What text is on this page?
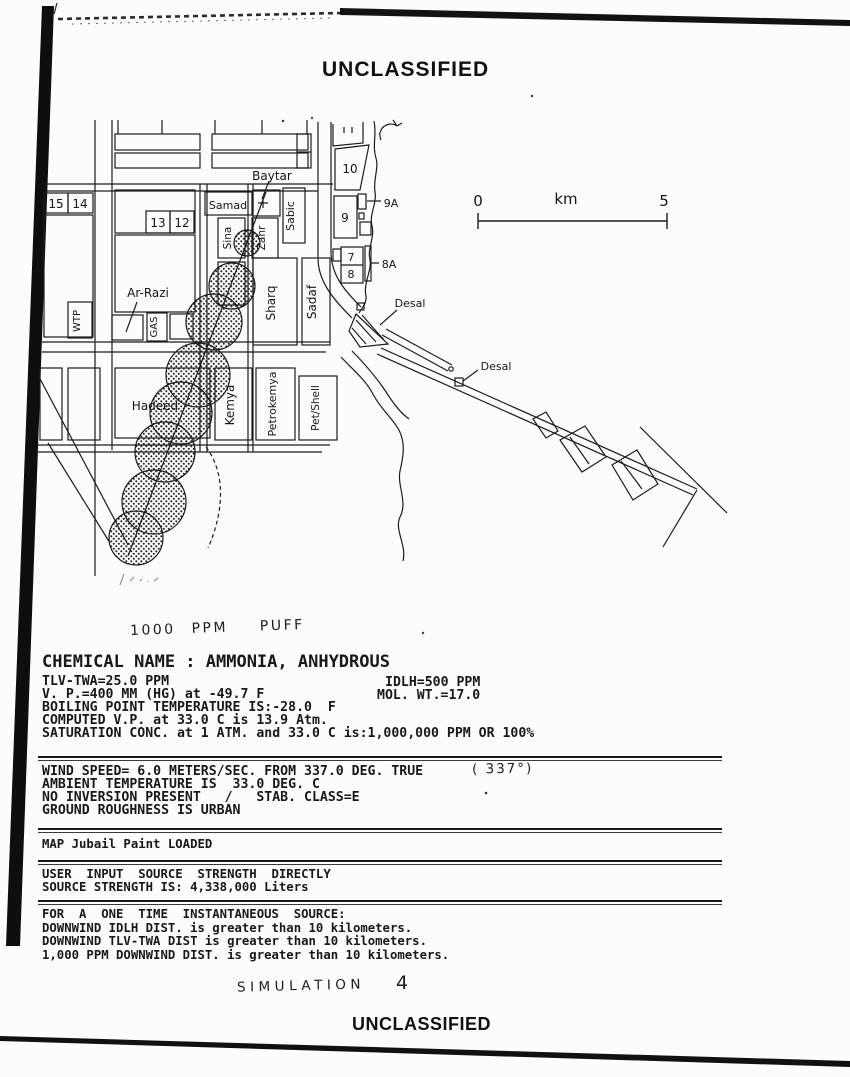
Baytar
Samad	Sabic
Sina Zahr
Ar-Razi
WTP	GAS
Sharq Sadaf
Hadeed	Kemya	Petrokemya	Pet/Shell
Desal
Desal
15 14
13 12
10
9
9A
7
8
8A
0	km	5
UNCLASSIFIED
UNCLASSIFIED
1000 PPM  PUFF
( 337°)
SIMULATION 4
CHEMICAL NAME : AMMONIA, ANHYDROUS
TLV-TWA=25.0 PPM
V. P.=400 MM (HG) at -49.7 F
BOILING POINT TEMPERATURE IS:-28.0  F
COMPUTED V.P. at 33.0 C is 13.9 Atm.
SATURATION CONC. at 1 ATM. and 33.0 C is:1,000,000 PPM OR 100%
IDLH=500 PPM
MOL. WT.=17.0
WIND SPEED= 6.0 METERS/SEC. FROM 337.0 DEG. TRUE
AMBIENT TEMPERATURE IS  33.0 DEG. C
NO INVERSION PRESENT   /   STAB. CLASS=E
GROUND ROUGHNESS IS URBAN
MAP Jubail Paint LOADED
USER  INPUT  SOURCE  STRENGTH  DIRECTLY
SOURCE STRENGTH IS: 4,338,000 Liters
FOR  A  ONE  TIME  INSTANTANEOUS  SOURCE:
DOWNWIND IDLH DIST. is greater than 10 kilometers.
DOWNWIND TLV-TWA DIST is greater than 10 kilometers.
1,000 PPM DOWNWIND DIST. is greater than 10 kilometers.
